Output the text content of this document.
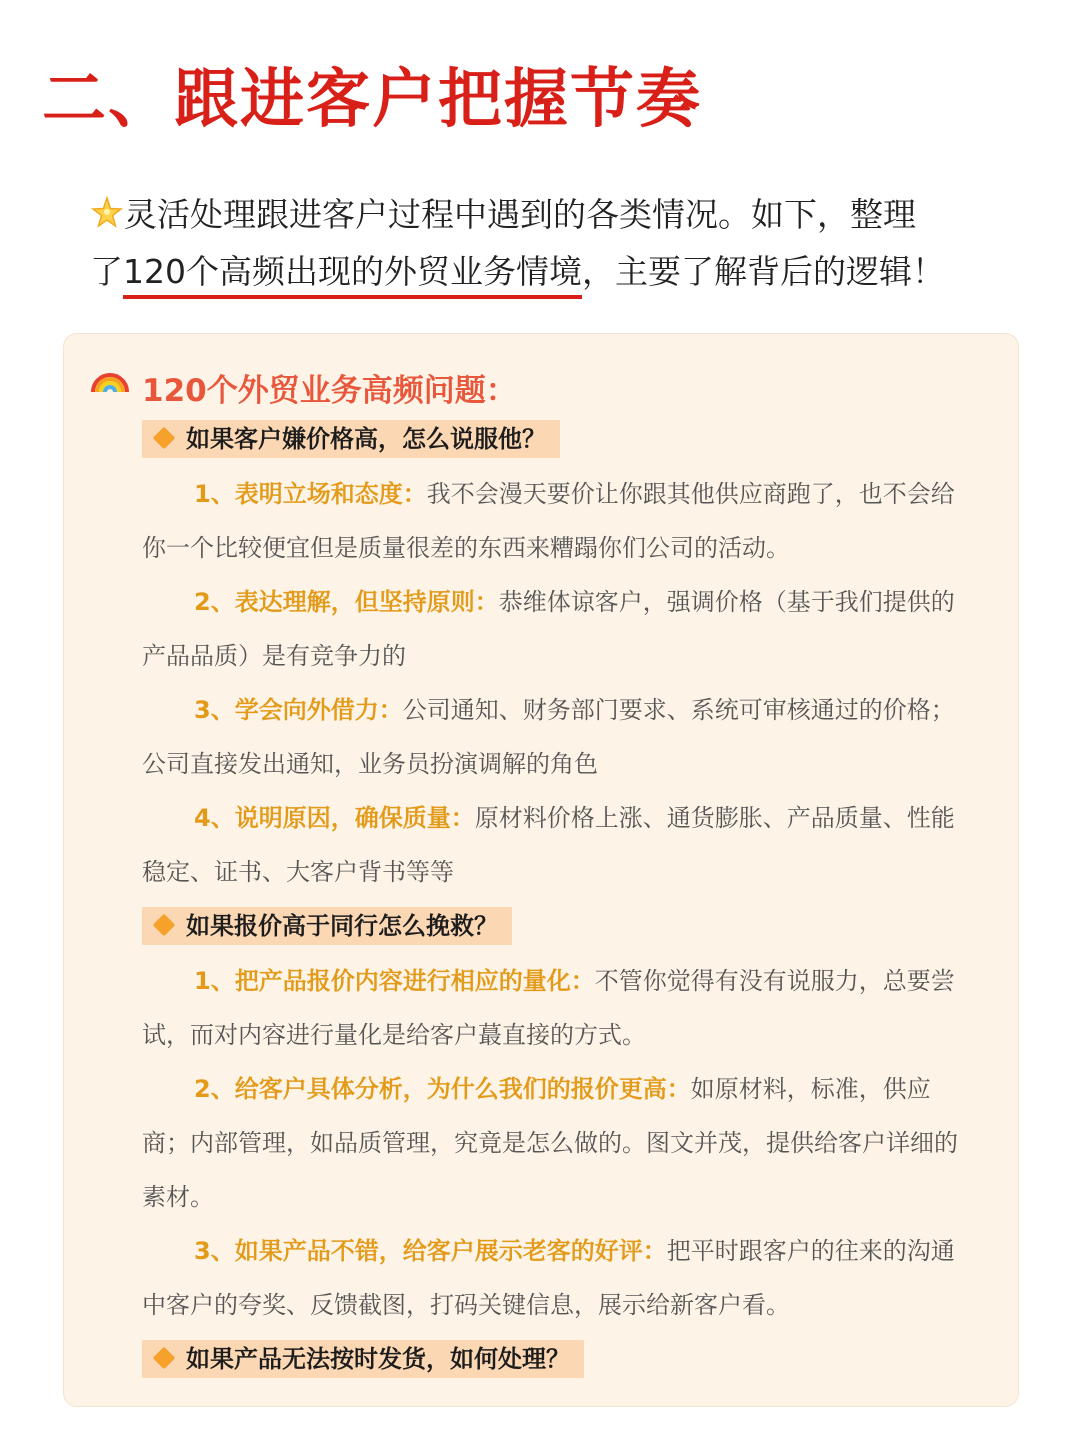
二、跟进客户把握节奏
灵活处理跟进客户过程中遇到的各类情况。如下，整理
了120个高频出现的外贸业务情境，主要了解背后的逻辑！
120个外贸业务高频问题：
如果客户嫌价格高，怎么说服他？
1、表明立场和态度：我不会漫天要价让你跟其他供应商跑了，也不会给你一个比较便宜但是质量很差的东西来糟蹋你们公司的活动。
2、表达理解，但坚持原则：恭维体谅客户，强调价格（基于我们提供的产品品质）是有竞争力的
3、学会向外借力：公司通知、财务部门要求、系统可审核通过的价格；公司直接发出通知，业务员扮演调解的角色
4、说明原因，确保质量：原材料价格上涨、通货膨胀、产品质量、性能稳定、证书、大客户背书等等
如果报价高于同行怎么挽救？
1、把产品报价内容进行相应的量化：不管你觉得有没有说服力，总要尝试，而对内容进行量化是给客户蕞直接的方式。
2、给客户具体分析，为什么我们的报价更高：如原材料，标准，供应商；内部管理，如品质管理，究竟是怎么做的。图文并茂，提供给客户详细的素材。
3、如果产品不错，给客户展示老客的好评：把平时跟客户的往来的沟通中客户的夸奖、反馈截图，打码关键信息，展示给新客户看。
如果产品无法按时发货，如何处理？
